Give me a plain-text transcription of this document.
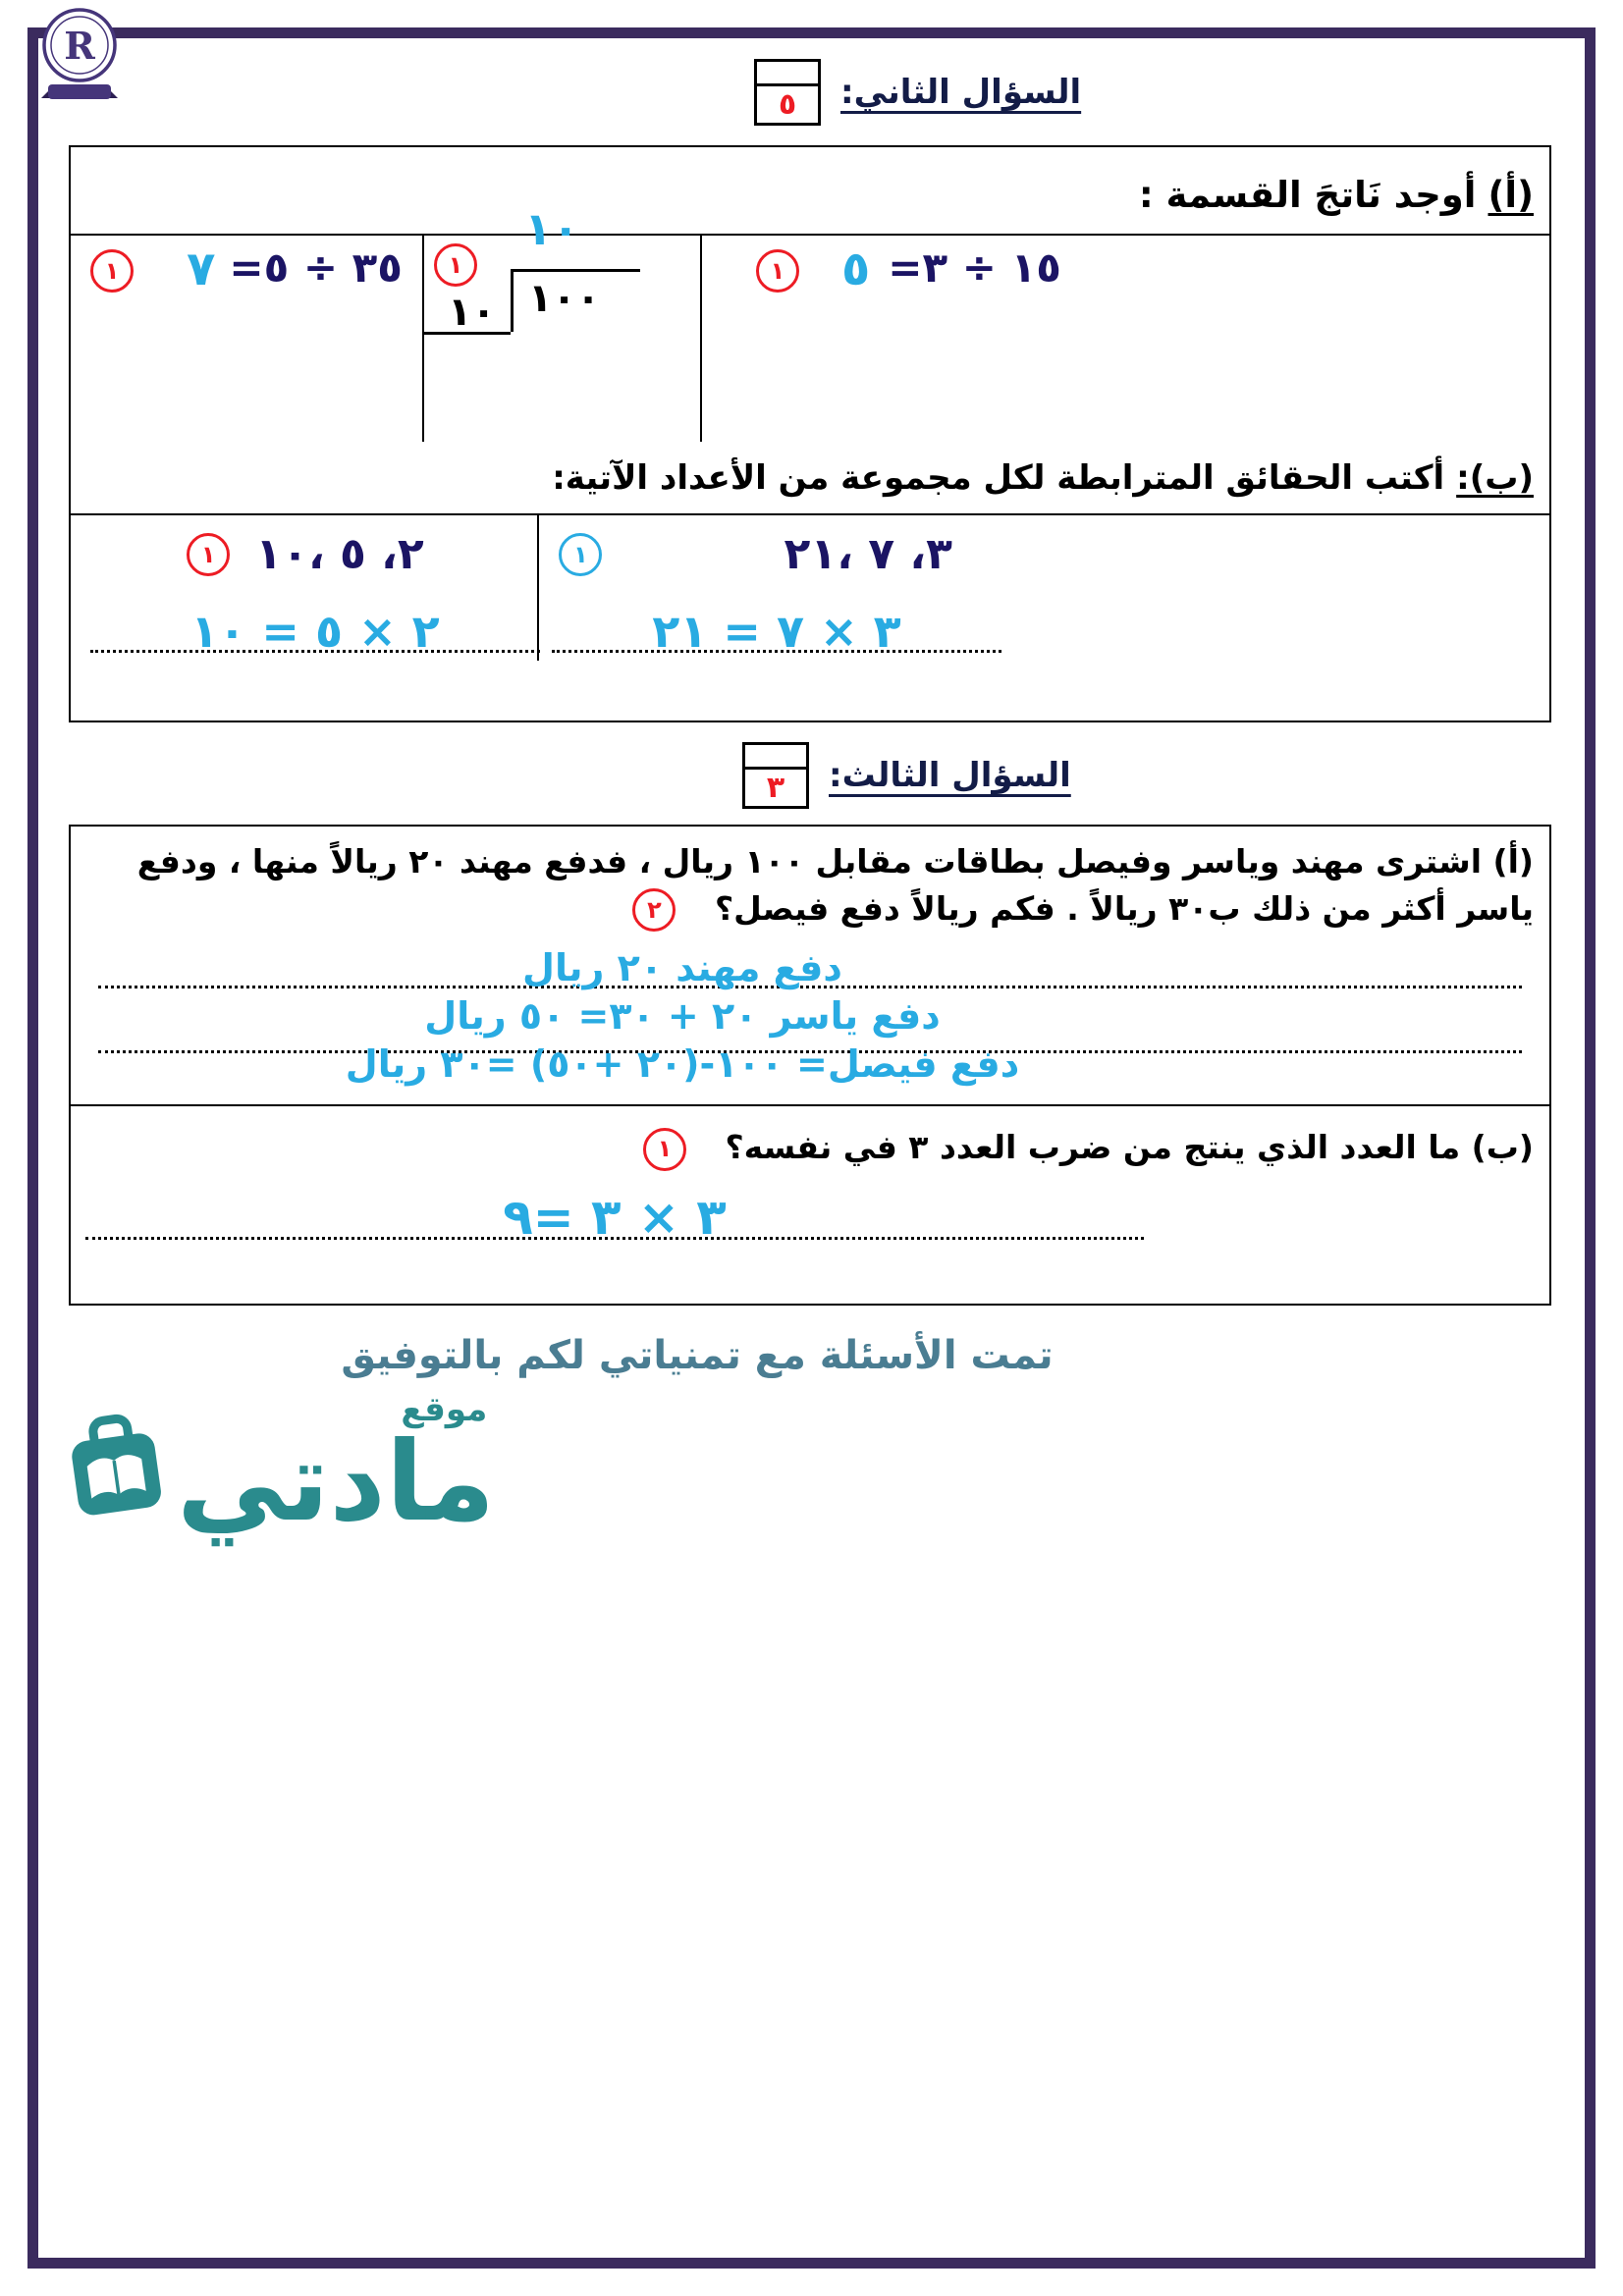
R
٥	السؤال الثاني:
(أ)
أوجد نَاتجَ القسمة :
١٥ ÷ ٣=
٥
١
١
١٠
١٠٠
١٠
٣٥ ÷ ٥=
٧
١
(ب):
أكتب الحقائق المترابطة لكل مجموعة من الأعداد الآتية:
٣، ٧ ،٢١
١
٣ × ٧ = ٢١
٢، ٥ ،١٠
١
٢ × ٥ = ١٠
٣	السؤال الثالث:

(أ) اشترى مهند وياسر وفيصل بطاقات مقابل ١٠٠ ريال ، فدفع مهند ٢٠ ريالاً منها ، ودفع

ياسر أكثر من ذلك ب٣٠ ريالاً . فكم ريالاً دفع فيصل؟ ٢

دفع مهند ٢٠ ريال
دفع ياسر ٢٠ + ٣٠= ٥٠ ريال
دفع فيصل= ١٠٠-(٢٠ +٥٠) =٣٠ ريال

(ب) ما العدد الذي ينتج من ضرب العدد ٣ في نفسه؟ ١

٣ × ٣ =٩

تمت الأسئلة مع تمنياتي لكم بالتوفيق

موقع
مادتي
